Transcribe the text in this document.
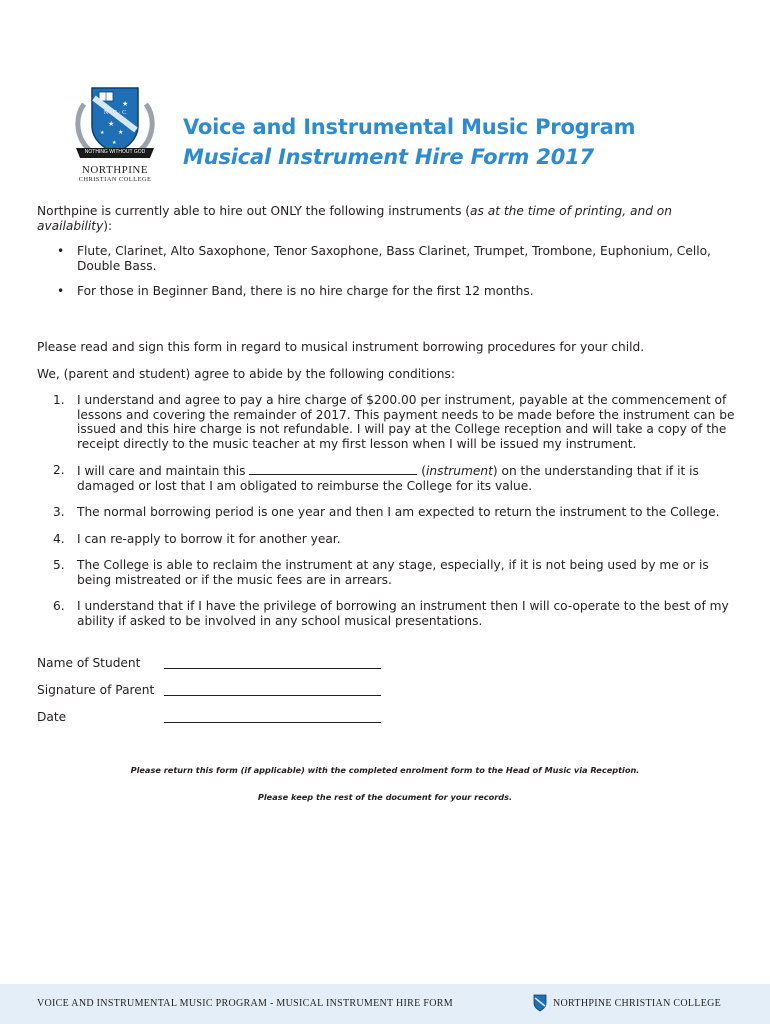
★
★
★
★
★
NOTHING WITHOUT GOD
N · C · C
NORTHPINE
CHRISTIAN COLLEGE
Voice and Instrumental Music Program
Musical Instrument Hire Form 2017
Northpine is currently able to hire out ONLY the following instruments (as at the time of printing, and on availability):
• Flute, Clarinet, Alto Saxophone, Tenor Saxophone, Bass Clarinet, Trumpet, Trombone, Euphonium, Cello, Double Bass.
• For those in Beginner Band, there is no hire charge for the first 12 months.
Please read and sign this form in regard to musical instrument borrowing procedures for your child.
We, (parent and student) agree to abide by the following conditions:
1. I understand and agree to pay a hire charge of $200.00 per instrument, payable at the commencement of lessons and covering the remainder of 2017. This payment needs to be made before the instrument can be issued and this hire charge is not refundable. I will pay at the College reception and will take a copy of the receipt directly to the music teacher at my first lesson when I will be issued my instrument.
2. I will care and maintain this	(instrument) on the understanding that if it is damaged or lost that I am obligated to reimburse the College for its value.
3. The normal borrowing period is one year and then I am expected to return the instrument to the College.
4. I can re-apply to borrow it for another year.
5. The College is able to reclaim the instrument at any stage, especially, if it is not being used by me or is being mistreated or if the music fees are in arrears.
6. I understand that if I have the privilege of borrowing an instrument then I will co-operate to the best of my ability if asked to be involved in any school musical presentations.
Name of Student
Signature of Parent
Date
Please return this form (if applicable) with the completed enrolment form to the Head of Music via Reception.
Please keep the rest of the document for your records.
VOICE AND INSTRUMENTAL MUSIC PROGRAM - MUSICAL INSTRUMENT HIRE FORM	NORTHPINE CHRISTIAN COLLEGE
